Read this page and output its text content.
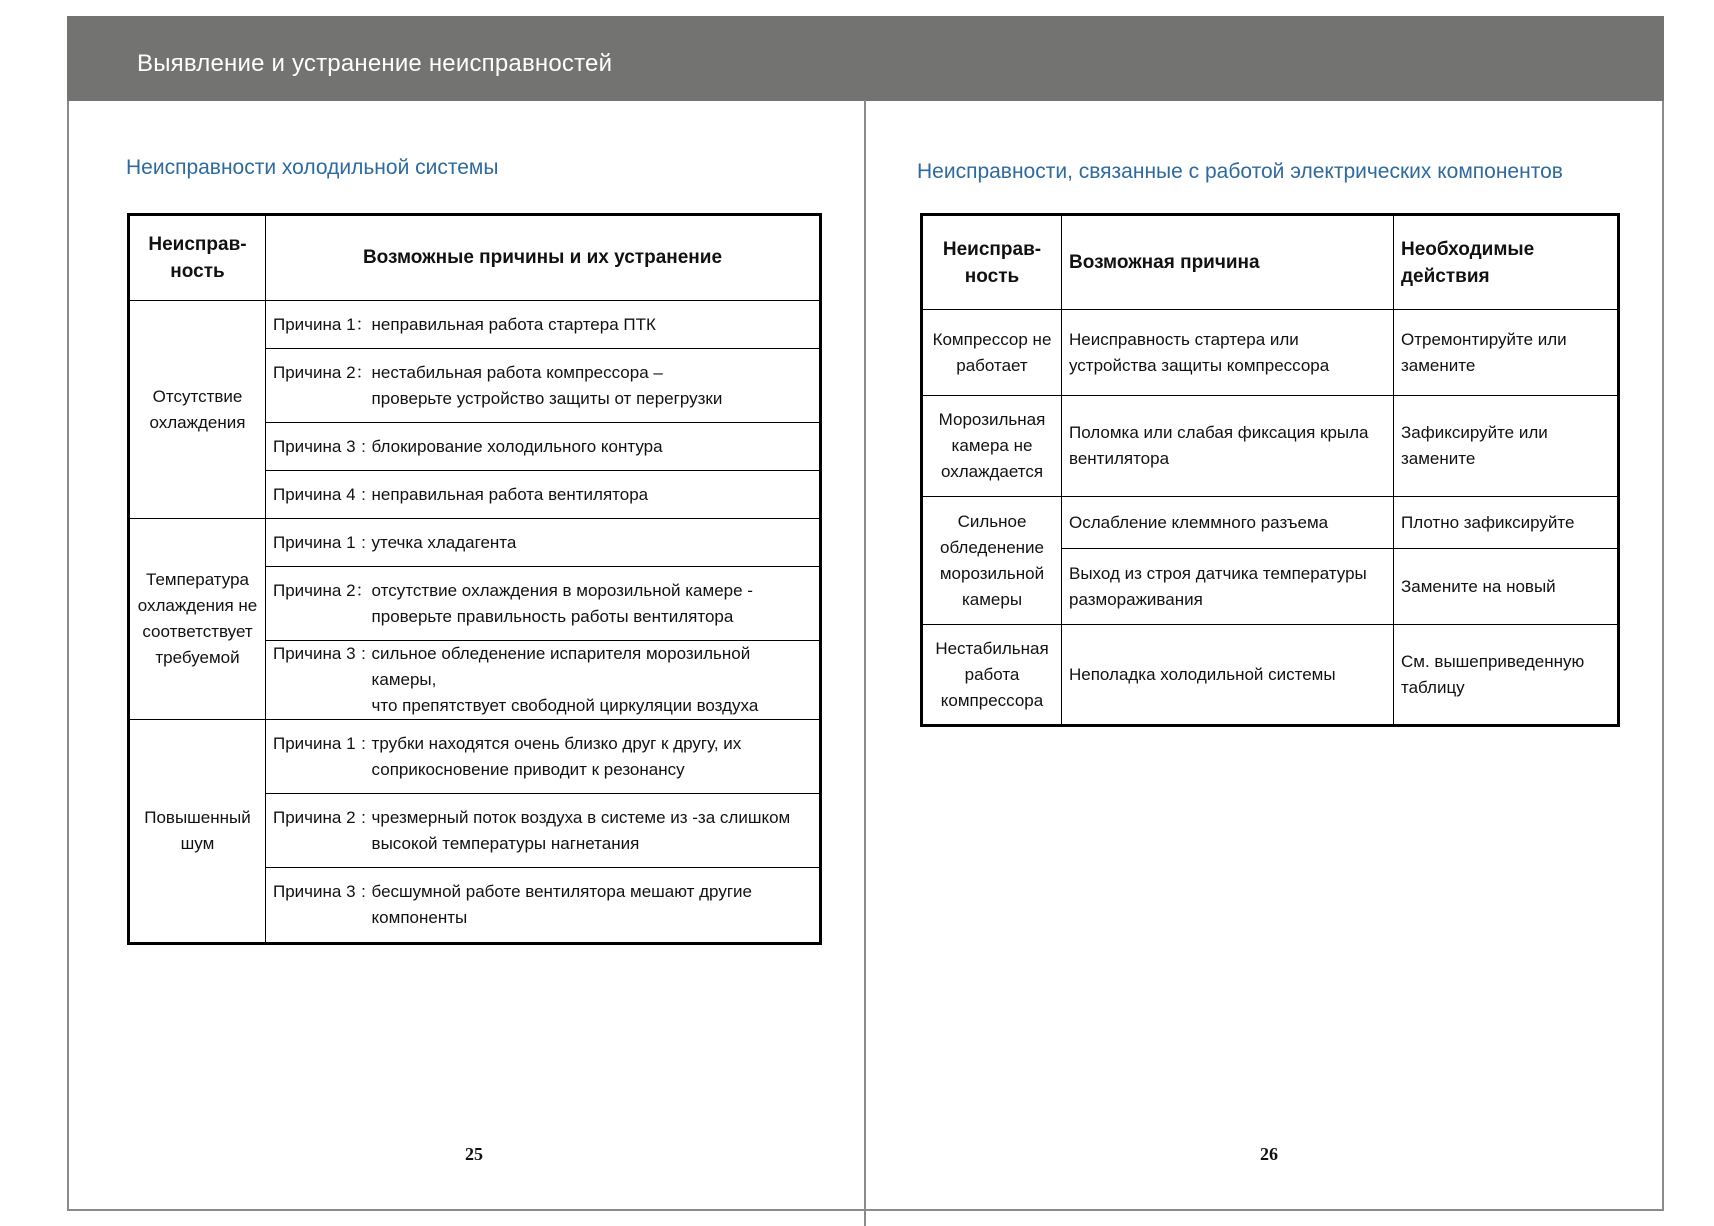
Выявление и устранение неисправностей
Неисправности холодильной системы
Неисправ-
ность	Возможные причины и их устранение
Отсутствие
охлаждения	Причина 1 ： неправильная работа стартера ПТК

	Причина 2 ： нестабильная работа компрессора –
проверьте устройство защиты от перегрузки

	Причина 3 : блокирование холодильного контура

	Причина 4 : неправильная работа вентилятора

Температура
охлаждения не
соответствует
требуемой	Причина 1 : утечка хладагента

	Причина 2 ： отсутствие охлаждения в морозильной камере -
проверьте правильность работы вентилятора

	Причина 3 : сильное обледенение испарителя морозильной камеры,
что препятствует свободной циркуляции воздуха

Повышенный
шум	Причина 1 : трубки находятся очень близко друг к другу, их
соприкосновение приводит к резонансу

	Причина 2 : чрезмерный поток воздуха в системе из -за слишком
высокой температуры нагнетания

	Причина 3 : бесшумной работе вентилятора мешают другие
компоненты
25
Неисправности, связанные с работой электрических компонентов
Неиспрaв-
ность	Возможная причина	Необходимые
действия
Компрессор не
работает	Неисправность стартера или
устройства защиты компрессора	Отремонтируйте или
замените
Морозильная
камера не
охлаждается	Поломка или слабая фиксация крыла
вентилятора	Зафиксируйте или
замените
Сильное
обледенение
морозильной
камеры	Ослабление клеммного разъема	Плотно зафиксируйте
	Выход из строя датчика температуры
размораживания	Замените на новый
Нестабильная
работа
компрессора	Неполадка холодильной системы	См. вышеприведенную
таблицу
26
